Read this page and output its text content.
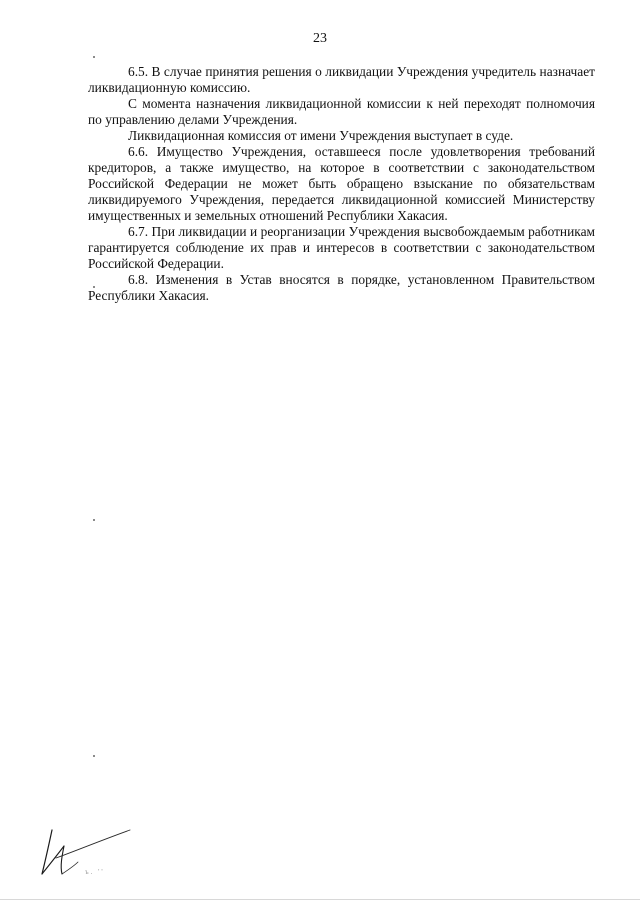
23

6.5. В случае принятия решения о ликвидации Учреждения учредитель назначает ликвидационную комиссию.

С момента назначения ликвидационной комиссии к ней переходят полномочия по управлению делами Учреждения.

Ликвидационная комиссия от имени Учреждения выступает в суде.

6.6. Имущество Учреждения, оставшееся после удовлетворения требований кредиторов, а также имущество, на которое в соответствии с законодательством Российской Федерации не может быть обращено взыскание по обязательствам ликвидируемого Учреждения, передается ликвидационной комиссией Министерству имущественных и земельных отношений Республики Хакасия.

6.7. При ликвидации и реорганизации Учреждения высвобождаемым работникам гарантируется соблюдение их прав и интересов в соответствии с законодательством Российской Федерации.

6.8. Изменения в Устав вносятся в порядке, установленном Правительством Республики Хакасия.

ъ. ''
